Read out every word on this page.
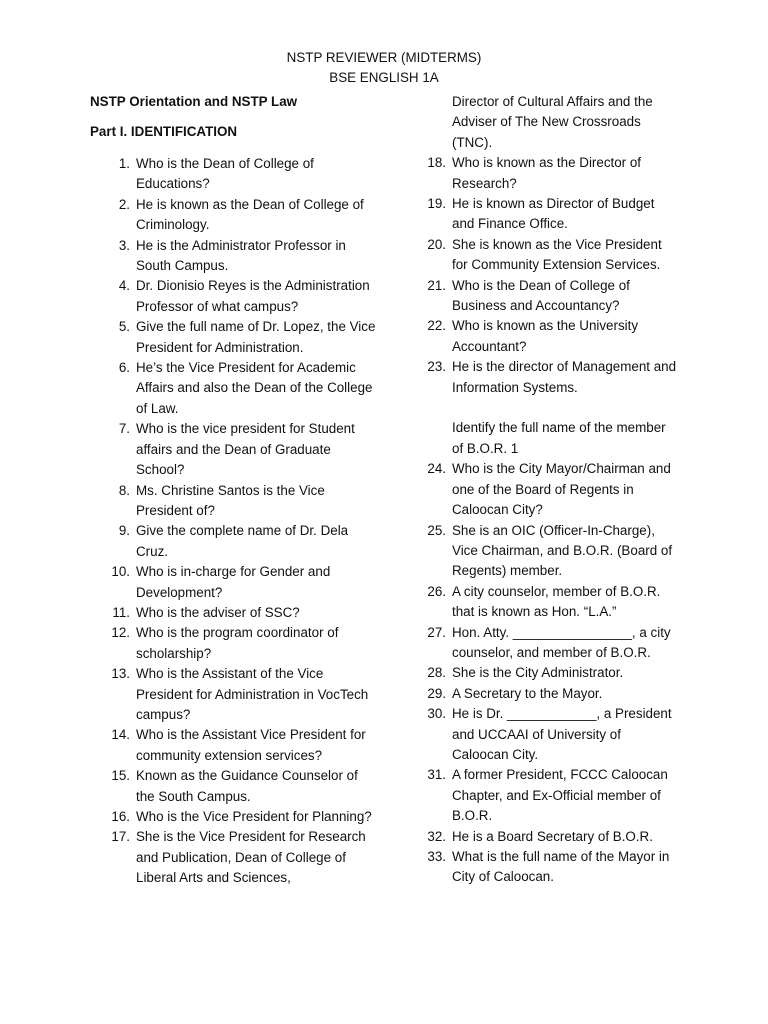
NSTP REVIEWER (MIDTERMS)
BSE ENGLISH 1A
NSTP Orientation and NSTP Law
Part I. IDENTIFICATION
1. Who is the Dean of College of Educations?
2. He is known as the Dean of College of Criminology.
3. He is the Administrator Professor in South Campus.
4. Dr. Dionisio Reyes is the Administration Professor of what campus?
5. Give the full name of Dr. Lopez, the Vice President for Administration.
6. He’s the Vice President for Academic Affairs and also the Dean of the College of Law.
7. Who is the vice president for Student affairs and the Dean of Graduate School?
8. Ms. Christine Santos is the Vice President of?
9. Give the complete name of Dr. Dela Cruz.
10. Who is in-charge for Gender and Development?
11. Who is the adviser of SSC?
12. Who is the program coordinator of scholarship?
13. Who is the Assistant of the Vice President for Administration in VocTech campus?
14. Who is the Assistant Vice President for community extension services?
15. Known as the Guidance Counselor of the South Campus.
16. Who is the Vice President for Planning?
17. She is the Vice President for Research and Publication, Dean of College of Liberal Arts and Sciences,
Director of Cultural Affairs and the Adviser of The New Crossroads (TNC).
18. Who is known as the Director of Research?
19. He is known as Director of Budget and Finance Office.
20. She is known as the Vice President for Community Extension Services.
21. Who is the Dean of College of Business and Accountancy?
22. Who is known as the University Accountant?
23. He is the director of Management and Information Systems.
Identify the full name of the member of B.O.R. 1
24. Who is the City Mayor/Chairman and one of the Board of Regents in Caloocan City?
25. She is an OIC (Officer-In-Charge), Vice Chairman, and B.O.R. (Board of Regents) member.
26. A city counselor, member of B.O.R. that is known as Hon. “L.A.”
27. Hon. Atty. ________________, a city counselor, and member of B.O.R.
28. She is the City Administrator.
29. A Secretary to the Mayor.
30. He is Dr. ____________, a President and UCCAAI of University of Caloocan City.
31. A former President, FCCC Caloocan Chapter, and Ex-Official member of B.O.R.
32. He is a Board Secretary of B.O.R.
33. What is the full name of the Mayor in City of Caloocan.
